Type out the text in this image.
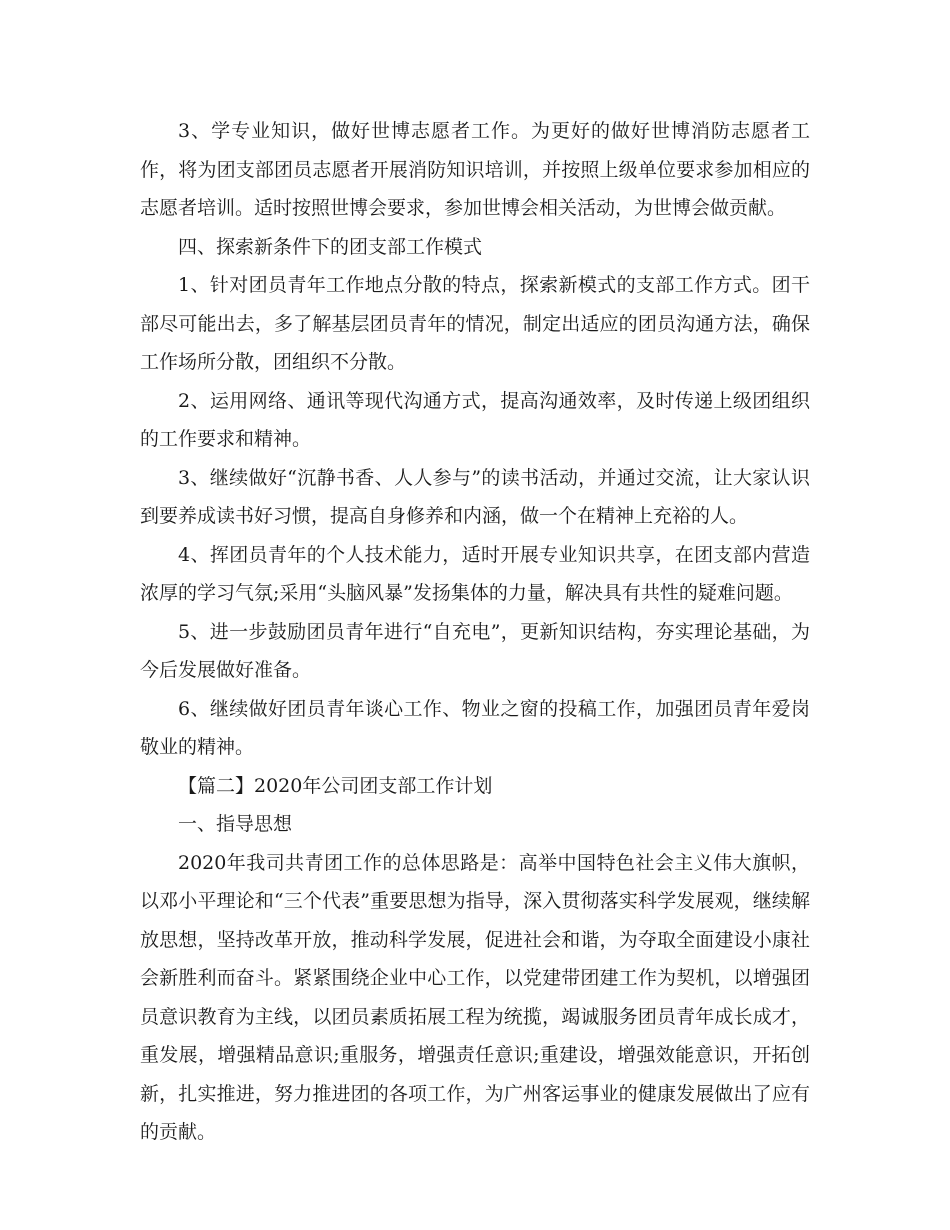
3、学专业知识，做好世博志愿者工作。为更好的做好世博消防志愿者工作，将为团支部团员志愿者开展消防知识培训，并按照上级单位要求参加相应的志愿者培训。适时按照世博会要求，参加世博会相关活动，为世博会做贡献。

四、探索新条件下的团支部工作模式

1、针对团员青年工作地点分散的特点，探索新模式的支部工作方式。团干部尽可能出去，多了解基层团员青年的情况，制定出适应的团员沟通方法，确保工作场所分散，团组织不分散。

2、运用网络、通讯等现代沟通方式，提高沟通效率，及时传递上级团组织的工作要求和精神。

3、继续做好“沉静书香、人人参与”的读书活动，并通过交流，让大家认识到要养成读书好习惯，提高自身修养和内涵，做一个在精神上充裕的人。

4、挥团员青年的个人技术能力，适时开展专业知识共享，在团支部内营造浓厚的学习气氛;采用“头脑风暴”发扬集体的力量，解决具有共性的疑难问题。

5、进一步鼓励团员青年进行“自充电”，更新知识结构，夯实理论基础，为今后发展做好准备。

6、继续做好团员青年谈心工作、物业之窗的投稿工作，加强团员青年爱岗敬业的精神。

【篇二】2020年公司团支部工作计划

一、指导思想

2020年我司共青团工作的总体思路是：高举中国特色社会主义伟大旗帜，以邓小平理论和“三个代表”重要思想为指导，深入贯彻落实科学发展观，继续解放思想，坚持改革开放，推动科学发展，促进社会和谐，为夺取全面建设小康社会新胜利而奋斗。紧紧围绕企业中心工作，以党建带团建工作为契机，以增强团员意识教育为主线，以团员素质拓展工程为统揽，竭诚服务团员青年成长成才，重发展，增强精品意识;重服务，增强责任意识;重建设，增强效能意识，开拓创新，扎实推进，努力推进团的各项工作，为广州客运事业的健康发展做出了应有的贡献。
